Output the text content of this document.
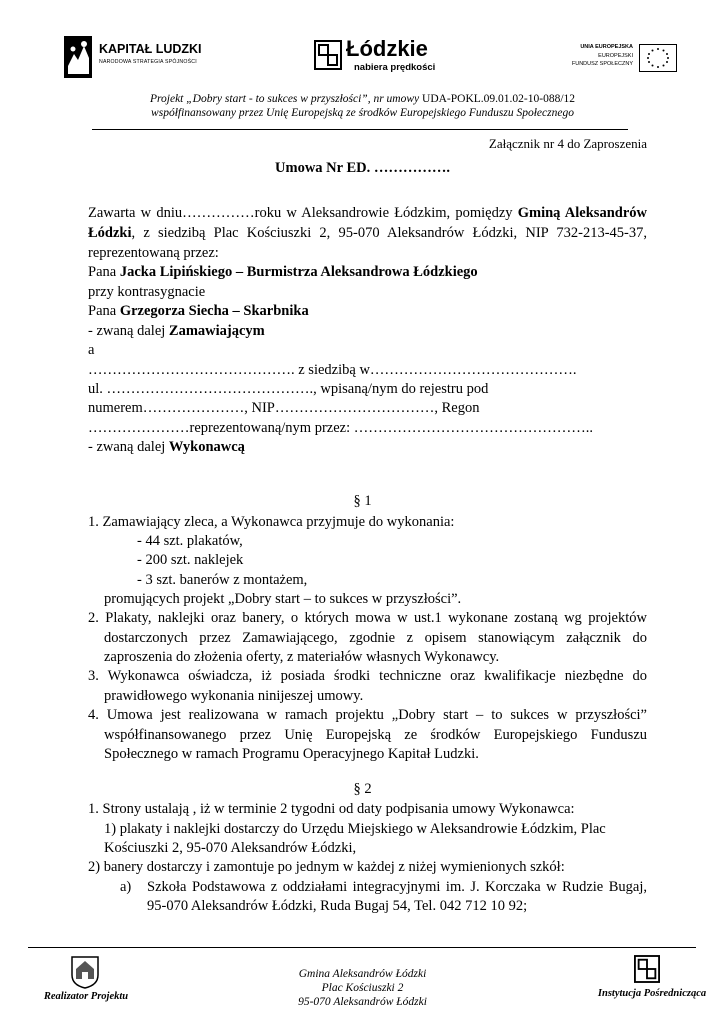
KAPITAŁ LUDZKI
NARODOWA STRATEGIA SPÓJNOŚCI
Łódzkie
nabiera prędkości
UNIA EUROPEJSKA
EUROPEJSKI
FUNDUSZ SPOŁECZNY
Projekt „Dobry start - to sukces w przyszłości”, nr umowy UDA-POKL.09.01.02-10-088/12
współfinansowany przez Unię Europejską ze środków Europejskiego Funduszu Społecznego
Załącznik nr 4 do Zaproszenia
Umowa Nr ED. …………….
Zawarta w dniu……………roku w Aleksandrowie Łódzkim, pomiędzy Gminą Aleksandrów
Łódzki, z siedzibą Plac Kościuszki 2, 95-070 Aleksandrów Łódzki, NIP 732-213-45-37,
reprezentowaną przez:
Pana Jacka Lipińskiego – Burmistrza Aleksandrowa Łódzkiego
przy kontrasygnacie
Pana Grzegorza Siecha – Skarbnika
- zwaną dalej Zamawiającym
a
……………………………………. z siedzibą w…………………………………….
ul. ……………………………………., wpisaną/nym do rejestru pod
numerem…………………, NIP……………………………, Regon
…………………reprezentowaną/nym przez: …………………………………………..
- zwaną dalej Wykonawcą
§ 1
1. Zamawiający zleca, a Wykonawca przyjmuje do wykonania:
- 44 szt. plakatów,
- 200 szt. naklejek
- 3 szt. banerów z montażem,
promujących projekt „Dobry start – to sukces w przyszłości”.
2. Plakaty, naklejki oraz banery, o których mowa w ust.1 wykonane zostaną wg projektów
dostarczonych przez Zamawiającego, zgodnie z opisem stanowiącym załącznik do
zaproszenia do złożenia oferty, z materiałów własnych Wykonawcy.
3. Wykonawca oświadcza, iż posiada środki techniczne oraz kwalifikacje niezbędne do
prawidłowego wykonania ninijeszej umowy.
4. Umowa jest realizowana w ramach projektu „Dobry start – to sukces w przyszłości”
współfinansowanego przez Unię Europejską ze środków Europejskiego Funduszu
Społecznego w ramach Programu Operacyjnego Kapitał Ludzki.
§ 2
1. Strony ustalają , iż w terminie 2 tygodni od daty podpisania umowy Wykonawca:
1) plakaty i naklejki dostarczy do Urzędu Miejskiego w Aleksandrowie Łódzkim, Plac
Kościuszki 2, 95-070 Aleksandrów Łódzki,
2) banery dostarczy i zamontuje po jednym w każdej z niżej wymienionych szkół:
a) Szkoła Podstawowa z oddziałami integracyjnymi im. J. Korczaka w Rudzie Bugaj,
95-070 Aleksandrów Łódzki, Ruda Bugaj 54, Tel. 042 712 10 92;
Realizator Projektu
Gmina Aleksandrów Łódzki
Plac Kościuszki 2
95-070 Aleksandrów Łódzki
Instytucja Pośrednicząca
